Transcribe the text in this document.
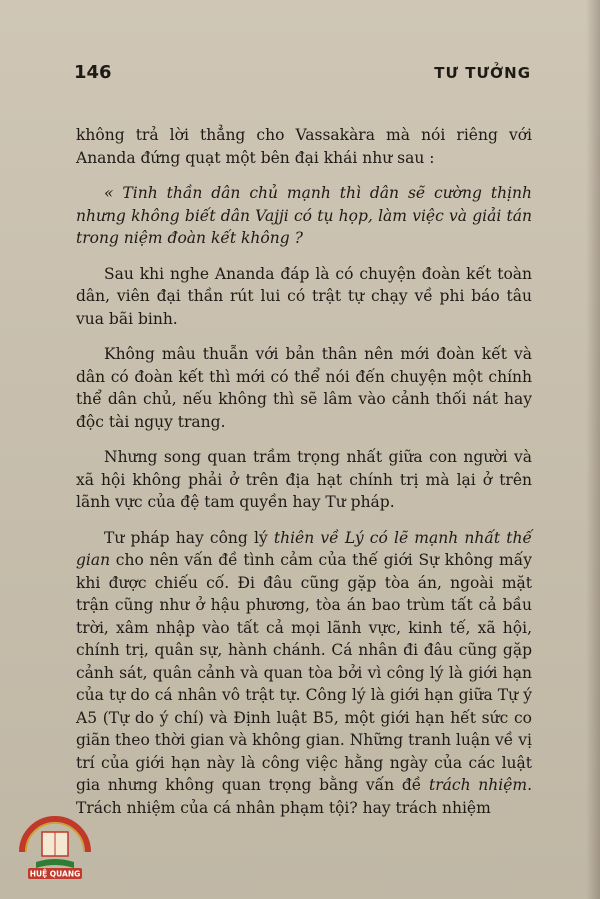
146	TƯ TƯỞNG

không trả lời thẳng cho Vassakàra mà nói riêng với Ananda đứng quạt một bên đại khái như sau :

« Tinh thần dân chủ mạnh thì dân sẽ cường thịnh nhưng không biết dân Vajji có tụ họp, làm việc và giải tán trong niệm đoàn kết không ?

Sau khi nghe Ananda đáp là có chuyện đoàn kết toàn dân, viên đại thần rút lui có trật tự chạy về phi báo tâu vua bãi binh.

Không mâu thuẫn với bản thân nên mới đoàn kết và dân có đoàn kết thì mới có thể nói đến chuyện một chính thể dân chủ, nếu không thì sẽ lâm vào cảnh thối nát hay độc tài ngụy trang.

Nhưng song quan trầm trọng nhất giữa con người và xã hội không phải ở trên địa hạt chính trị mà lại ở trên lãnh vực của đệ tam quyền hay Tư pháp.

Tư pháp hay công lý thiên về Lý có lẽ mạnh nhất thế gian cho nên vấn đề tình cảm của thế giới Sự không mấy khi được chiếu cố. Đi đâu cũng gặp tòa án, ngoài mặt trận cũng như ở hậu phương, tòa án bao trùm tất cả bầu trời, xâm nhập vào tất cả mọi lãnh vực, kinh tế, xã hội, chính trị, quân sự, hành chánh. Cá nhân đi đâu cũng gặp cảnh sát, quân cảnh và quan tòa bởi vì công lý là giới hạn của tự do cá nhân vô trật tự. Công lý là giới hạn giữa Tự ý A5 (Tự do ý chí) và Định luật B5, một giới hạn hết sức co giãn theo thời gian và không gian. Những tranh luận về vị trí của giới hạn này là công việc hằng ngày của các luật gia nhưng không quan trọng bằng vấn đề trách nhiệm. Trách nhiệm của cá nhân phạm tội? hay trách nhiệm

HUỆ QUANG
